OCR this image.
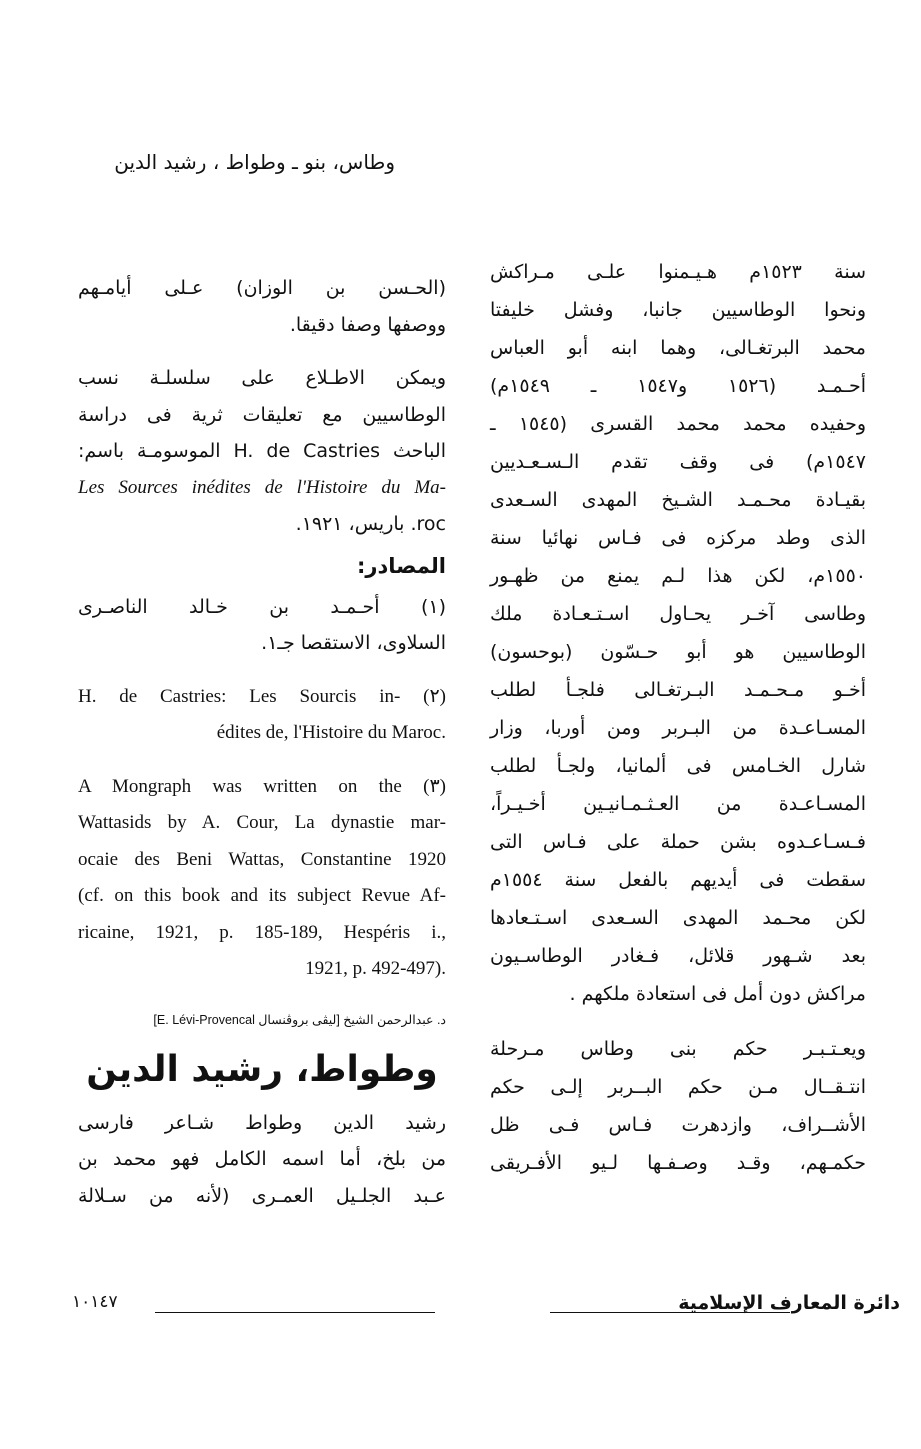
وطاس، بنو ـ وطواط ، رشيد الدين
سنة ١٥٢٣م هـيـمنوا علـى مـراكش
ونحوا الوطاسيين جانبا، وفشل خليفتا
محمد البرتغـالى، وهما ابنه أبو العباس
أحـمـد (١٥٢٦ و١٥٤٧ ـ ١٥٤٩م)
وحفيده محمد محمد القسرى (١٥٤٥ ـ
١٥٤٧م) فى وقف تقدم الـسـعـديين
بقيـادة محـمـد الشـيخ المهدى السـعدى
الذى وطد مركزه فى فـاس نهائيا سنة
١٥٥٠م، لكن هذا لـم يمنع من ظهـور
وطاسى آخـر يحـاول اسـتـعـادة ملك
الوطاسيين هو أبو حـسّون (بوحسون)
أخـو مـحـمـد البـرتغـالى فلجـأ لطلب
المسـاعـدة من البـربر ومن أوربا، وزار
شارل الخـامس فى ألمانيا، ولجـأ لطلب
المسـاعـدة من العـثـمـانيـين أخـيـراً،
فـسـاعـدوه بشن حملة على فـاس التى
سقطت فى أيديهم بالفعل سنة ١٥٥٤م
لكن محـمد المهدى السـعدى اسـتـعادها
بعد شـهور قلائل، فـغادر الوطاسـيون
مراكش دون أمل فى استعادة ملكهم .
ويعـتـبـر حكم بنى وطاس مـرحلة
انتـقــال مـن حكم البــربر إلـى حكم
الأشــراف، وازدهرت فـاس فـى ظل
حكمـهم، وقـد وصـفـها لـيو الأفـريقى
(الحـسن بن الوزان) عـلى أيامـهم
ووصفها وصفا دقيقا.
ويمكن الاطـلاع على سلسلـة نسب
الوطاسيين مع تعليقات ثرية فى دراسة
الباحث H. de Castries الموسومـة باسم:
Les Sources inédites de l'Histoire du Ma-
roc. باريس، ١٩٢١.
المصادر:
(١) أحـمـد بن خـالد الناصـرى
السلاوى، الاستقصا جـ١.
H. de Castries: Les Sourcis in- (٢)
édites de, l'Histoire du Maroc.
A Mongraph was written on the (٣)
Wattasids by A. Cour, La dynastie mar-
ocaie des Beni Wattas, Constantine 1920
(cf. on this book and its subject Revue Af-
ricaine, 1921, p. 185-189, Hespéris i.,
1921, p. 492-497).
د. عبدالرحمن الشيخ [ليڤى بروڤنسال E. Lévi-Provencal]
وطواط، رشيد الدين
رشيد الدين وطواط شـاعر فارسى
من بلخ، أما اسمه الكامل فهو محمد بن
عـبد الجلـيل العمـرى (لأنه من سـلالة
دائرة المعارف الإسلامية
١٠١٤٧
